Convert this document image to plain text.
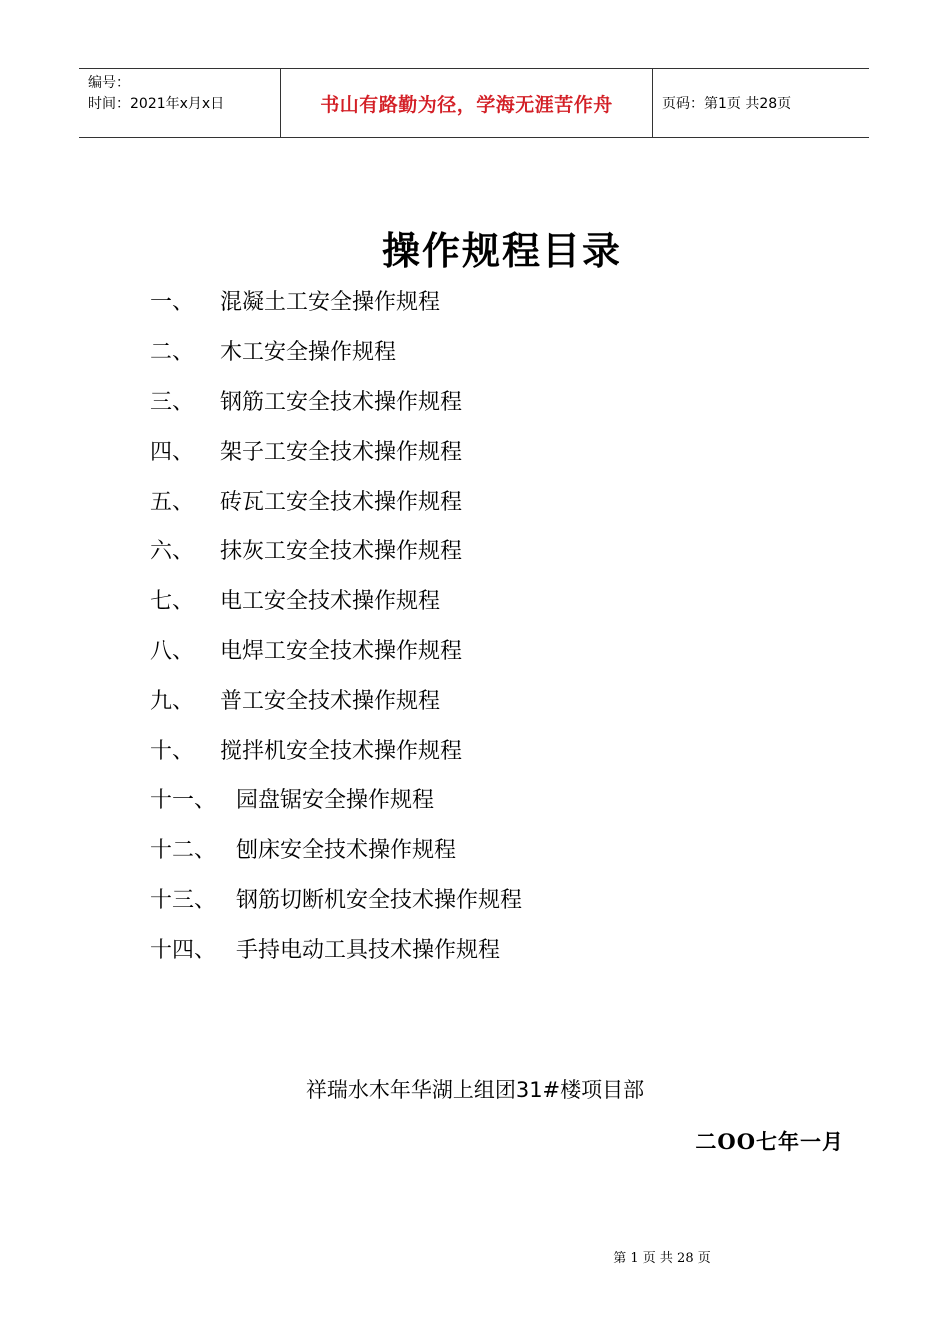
编号：
时间：2021年x月x日	书山有路勤为径，学海无涯苦作舟	页码：第1页 共28页
操作规程目录
一、	混凝土工安全操作规程
二、	木工安全操作规程
三、	钢筋工安全技术操作规程
四、	架子工安全技术操作规程
五、	砖瓦工安全技术操作规程
六、	抹灰工安全技术操作规程
七、	电工安全技术操作规程
八、	电焊工安全技术操作规程
九、	普工安全技术操作规程
十、	搅拌机安全技术操作规程
十一、 园盘锯安全操作规程
十二、 刨床安全技术操作规程
十三、 钢筋切断机安全技术操作规程
十四、 手持电动工具技术操作规程
祥瑞水木年华湖上组团31#楼项目部
二OO七年一月
第 1 页 共 28 页
